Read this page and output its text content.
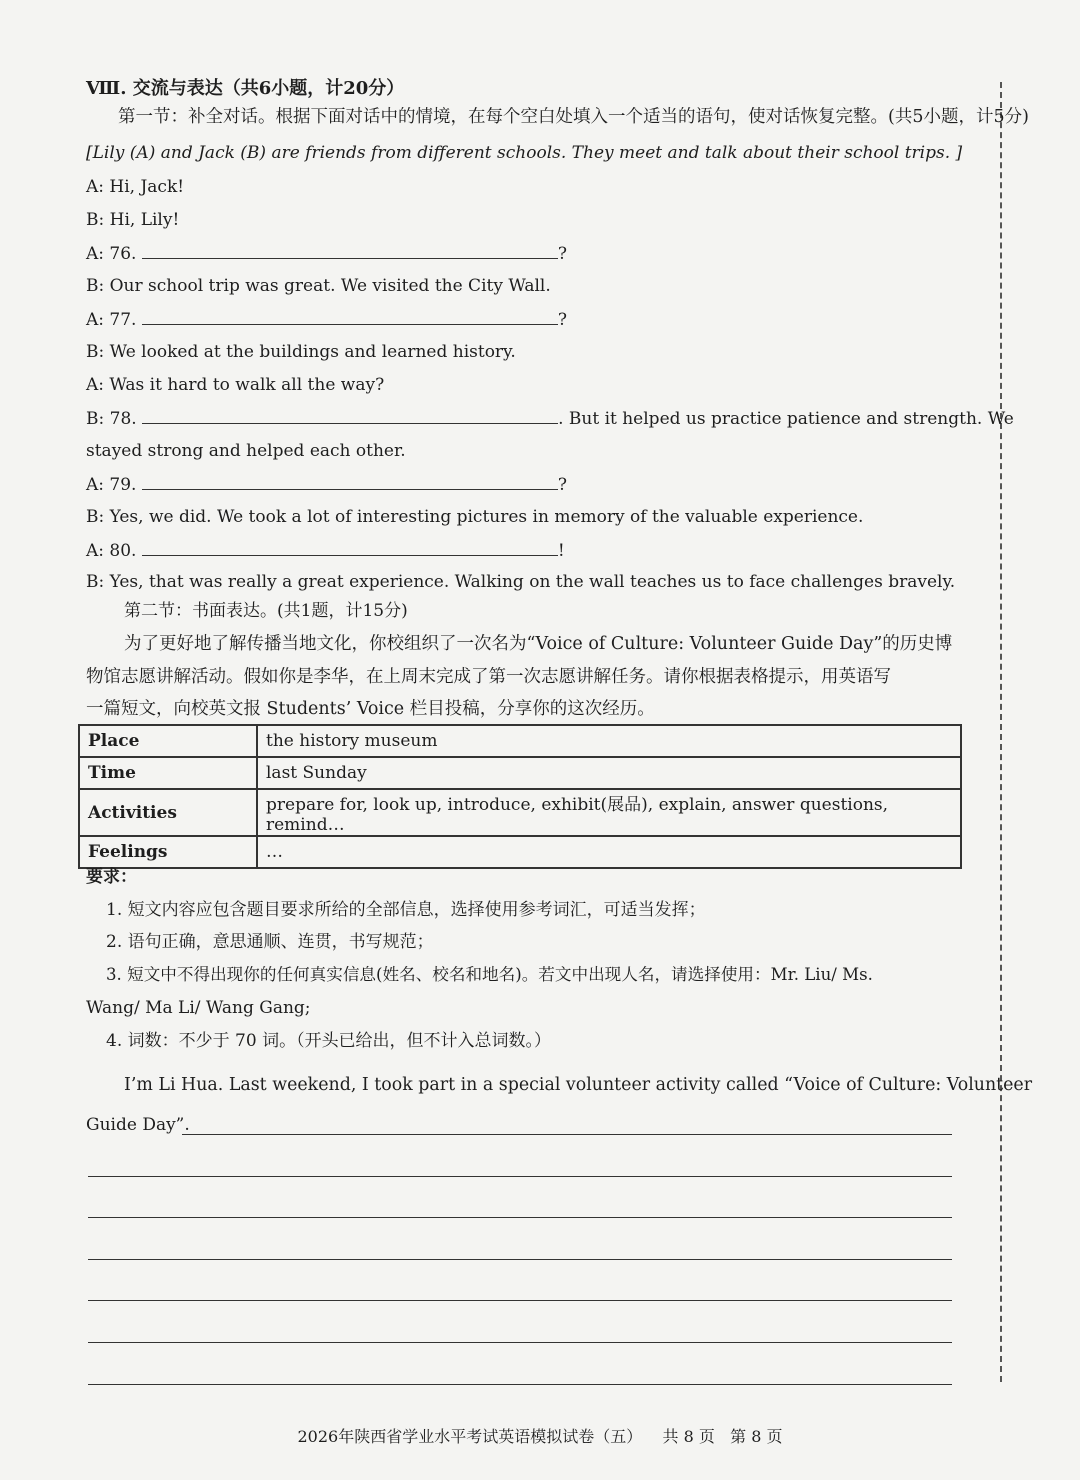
Ⅷ. 交流与表达（共6小题，计20分）
第一节：补全对话。根据下面对话中的情境，在每个空白处填入一个适当的语句，使对话恢复完整。(共5小题，计5分)
[Lily (A) and Jack (B) are friends from different schools. They meet and talk about their school trips. ]
A: Hi, Jack!
B: Hi, Lily!
A: 76.	?
B: Our school trip was great. We visited the City Wall.
A: 77.	?
B: We looked at the buildings and learned history.
A: Was it hard to walk all the way?
B: 78.	. But it helped us practice patience and strength. We
stayed strong and helped each other.
A: 79.	?
B: Yes, we did. We took a lot of interesting pictures in memory of the valuable experience.
A: 80.	!
B: Yes, that was really a great experience. Walking on the wall teaches us to face challenges bravely.
第二节：书面表达。(共1题，计15分)
为了更好地了解传播当地文化，你校组织了一次名为“Voice of Culture: Volunteer Guide Day”的历史博
物馆志愿讲解活动。假如你是李华，在上周末完成了第一次志愿讲解任务。请你根据表格提示，用英语写
一篇短文，向校英文报 Students’ Voice 栏目投稿，分享你的这次经历。
Place	the history museum
Time	last Sunday
Activities	prepare for, look up, introduce, exhibit(展品), explain, answer questions, remind…
Feelings	…
要求：
1. 短文内容应包含题目要求所给的全部信息，选择使用参考词汇，可适当发挥；
2. 语句正确，意思通顺、连贯，书写规范；
3. 短文中不得出现你的任何真实信息(姓名、校名和地名)。若文中出现人名，请选择使用：Mr. Liu/ Ms.
Wang/ Ma Li/ Wang Gang;
4. 词数：不少于 70 词。（开头已给出，但不计入总词数。）
I’m Li Hua. Last weekend, I took part in a special volunteer activity called “Voice of Culture: Volunteer
Guide Day”.
2026年陕西省学业水平考试英语模拟试卷（五）    共 8 页   第 8 页
